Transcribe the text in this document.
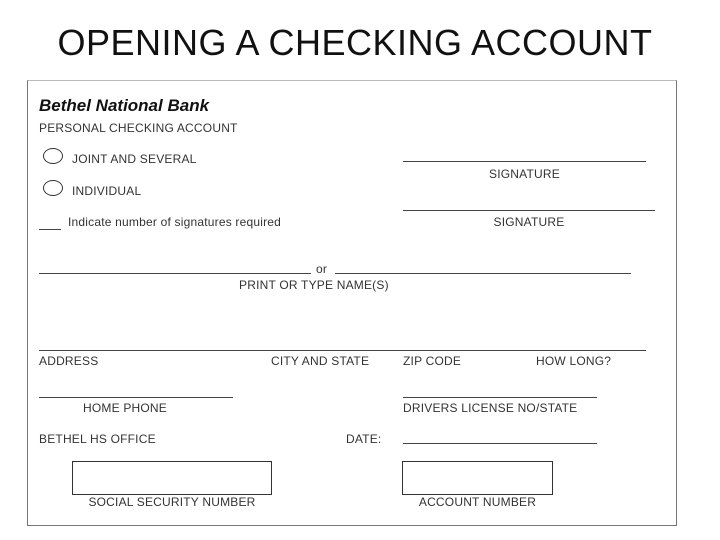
OPENING A CHECKING ACCOUNT
Bethel National Bank
PERSONAL CHECKING ACCOUNT
JOINT AND SEVERAL
INDIVIDUAL
Indicate number of signatures required
SIGNATURE
SIGNATURE
or
PRINT OR TYPE NAME(S)
ADDRESS	CITY AND STATE	ZIP CODE	HOW LONG?
HOME PHONE	DRIVERS LICENSE NO/STATE
BETHEL HS OFFICE	DATE:
SOCIAL SECURITY NUMBER	ACCOUNT NUMBER
